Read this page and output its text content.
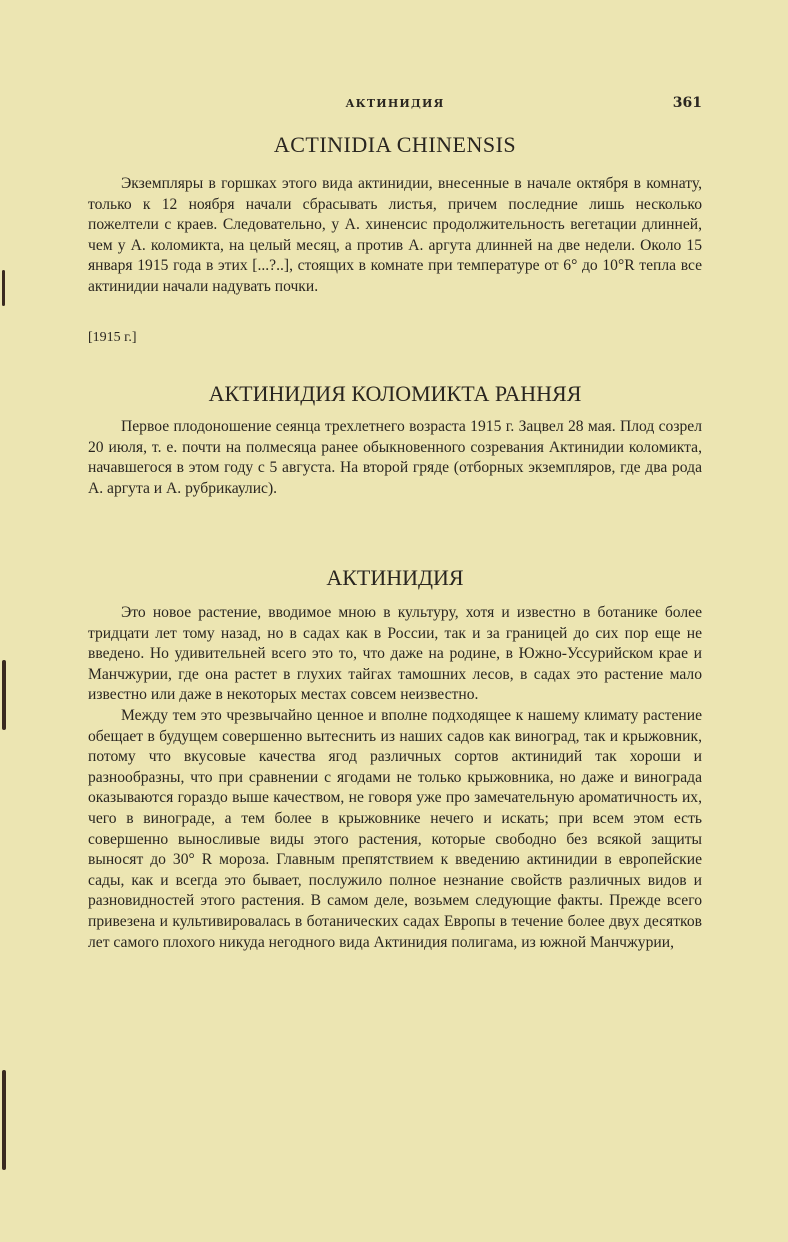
АКТИНИДИЯ	361
ACTINIDIA CHINENSIS

Экземпляры в горшках этого вида актинидии, внесенные в начале октября в комнату, только к 12 ноября начали сбрасывать листья, причем последние лишь несколько пожелтели с краев. Следовательно, у А. хиненсис продолжительность вегетации длинней, чем у А. коломикта, на целый месяц, а против А. аргута длинней на две недели. Около 15 января 1915 года в этих [...?..], стоящих в комнате при температуре от 6° до 10°R тепла все актинидии начали надувать почки.

[1915 г.]
АКТИНИДИЯ КОЛОМИКТА РАННЯЯ

Первое плодоношение сеянца трехлетнего возраста 1915 г. Зацвел 28 мая. Плод созрел 20 июля, т. е. почти на полмесяца ранее обыкновенного созревания Актинидии коломикта, начавшегося в этом году с 5 августа. На второй гряде (отборных экземпляров, где два рода А. аргута и А. рубрикаулис).

АКТИНИДИЯ

Это новое растение, вводимое мною в культуру, хотя и известно в ботанике более тридцати лет тому назад, но в садах как в России, так и за границей до сих пор еще не введено. Но удивительней всего это то, что даже на родине, в Южно-Уссурийском крае и Манчжурии, где она растет в глухих тайгах тамошних лесов, в садах это растение мало известно или даже в некоторых местах совсем неизвестно.

Между тем это чрезвычайно ценное и вполне подходящее к нашему климату растение обещает в будущем совершенно вытеснить из наших садов как виноград, так и крыжовник, потому что вкусовые качества ягод различных сортов актинидий так хороши и разнообразны, что при сравнении с ягодами не только крыжовника, но даже и винограда оказываются гораздо выше качеством, не говоря уже про замечательную ароматичность их, чего в винограде, а тем более в крыжовнике нечего и искать; при всем этом есть совершенно выносливые виды этого растения, которые свободно без всякой защиты выносят до 30° R мороза. Главным препятствием к введению актинидии в европейские сады, как и всегда это бывает, послужило полное незнание свойств различных видов и разновидностей этого растения. В самом деле, возьмем следующие факты. Прежде всего привезена и культивировалась в ботанических садах Европы в течение более двух десятков лет самого плохого никуда негодного вида Актинидия полигама, из южной Манчжурии,
